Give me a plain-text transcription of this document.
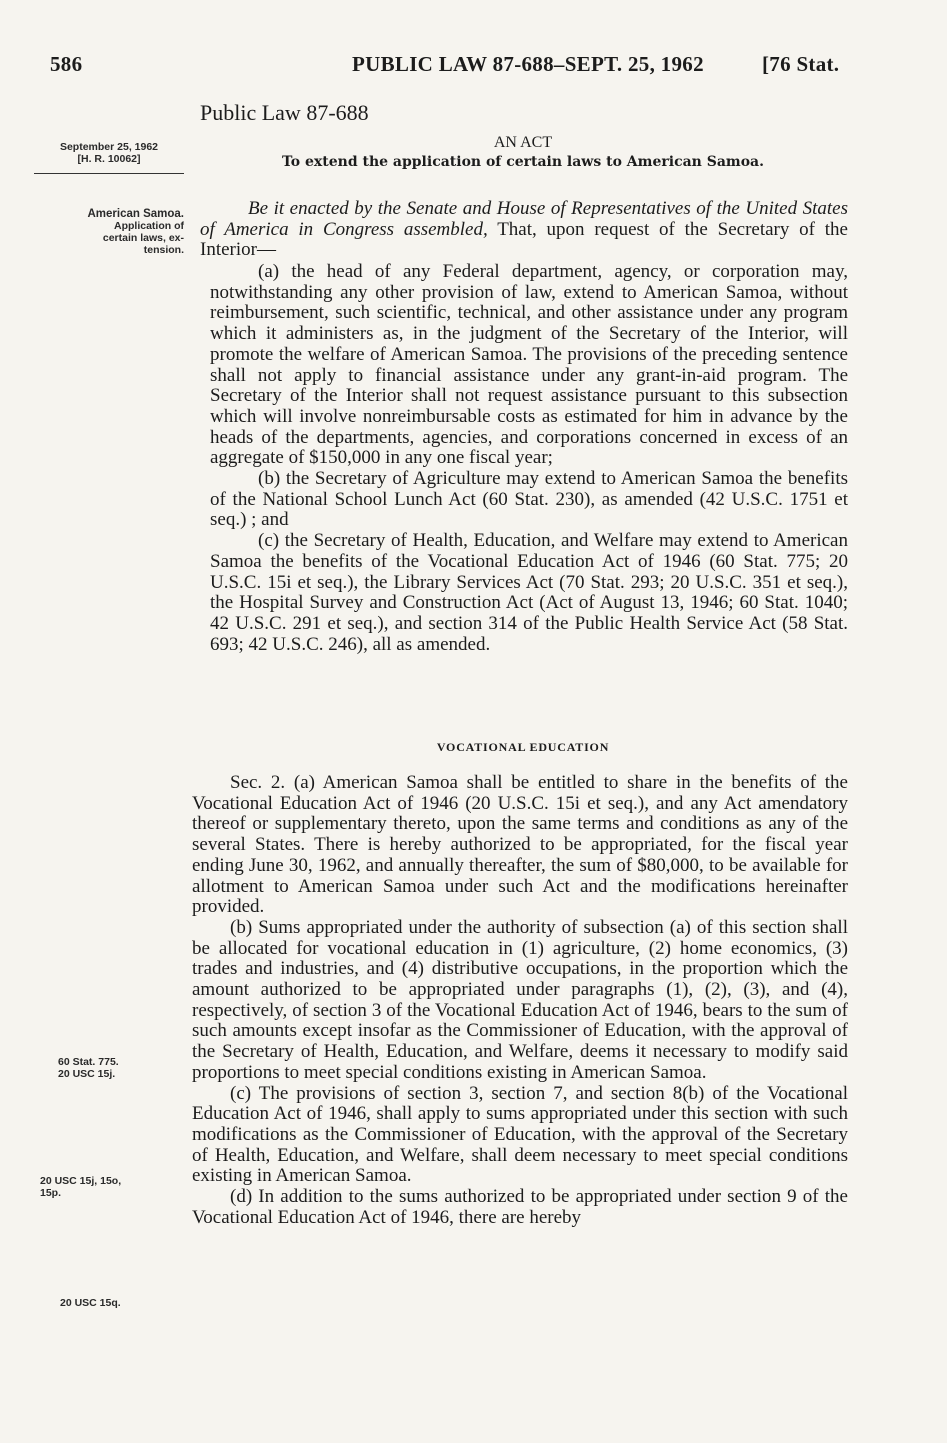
586	PUBLIC LAW 87-688–SEPT. 25, 1962	[76 Stat.
Public Law 87-688
September 25, 1962
[H. R. 10062]
AN ACT
To extend the application of certain laws to American Samoa.
American Samoa.
Application of
certain laws, ex-
tension.
Be it enacted by the Senate and House of Representatives of the United States of America in Congress assembled, That, upon request of the Secretary of the Interior—

(a) the head of any Federal department, agency, or corporation may, notwithstanding any other provision of law, extend to American Samoa, without reimbursement, such scientific, technical, and other assistance under any program which it administers as, in the judgment of the Secretary of the Interior, will promote the welfare of American Samoa. The provisions of the preceding sentence shall not apply to financial assistance under any grant-in-aid program. The Secretary of the Interior shall not request assistance pursuant to this subsection which will involve nonreimbursable costs as estimated for him in advance by the heads of the departments, agencies, and corporations concerned in excess of an aggregate of $150,000 in any one fiscal year;

(b) the Secretary of Agriculture may extend to American Samoa the benefits of the National School Lunch Act (60 Stat. 230), as amended (42 U.S.C. 1751 et seq.) ; and

(c) the Secretary of Health, Education, and Welfare may extend to American Samoa the benefits of the Vocational Education Act of 1946 (60 Stat. 775; 20 U.S.C. 15i et seq.), the Library Services Act (70 Stat. 293; 20 U.S.C. 351 et seq.), the Hospital Survey and Construction Act (Act of August 13, 1946; 60 Stat. 1040; 42 U.S.C. 291 et seq.), and section 314 of the Public Health Service Act (58 Stat. 693; 42 U.S.C. 246), all as amended.

VOCATIONAL EDUCATION

Sec. 2. (a) American Samoa shall be entitled to share in the benefits of the Vocational Education Act of 1946 (20 U.S.C. 15i et seq.), and any Act amendatory thereof or supplementary thereto, upon the same terms and conditions as any of the several States. There is hereby authorized to be appropriated, for the fiscal year ending June 30, 1962, and annually thereafter, the sum of $80,000, to be available for allotment to American Samoa under such Act and the modifications hereinafter provided.

(b) Sums appropriated under the authority of subsection (a) of this section shall be allocated for vocational education in (1) agriculture, (2) home economics, (3) trades and industries, and (4) distributive occupations, in the proportion which the amount authorized to be appropriated under paragraphs (1), (2), (3), and (4), respectively, of section 3 of the Vocational Education Act of 1946, bears to the sum of such amounts except insofar as the Commissioner of Education, with the approval of the Secretary of Health, Education, and Welfare, deems it necessary to modify said proportions to meet special conditions existing in American Samoa.

(c) The provisions of section 3, section 7, and section 8(b) of the Vocational Education Act of 1946, shall apply to sums appropriated under this section with such modifications as the Commissioner of Education, with the approval of the Secretary of Health, Education, and Welfare, shall deem necessary to meet special conditions existing in American Samoa.

(d) In addition to the sums authorized to be appropriated under section 9 of the Vocational Education Act of 1946, there are hereby

60 Stat. 775.
20 USC 15j.
20 USC 15j, 15o,
15p.
20 USC 15q.
